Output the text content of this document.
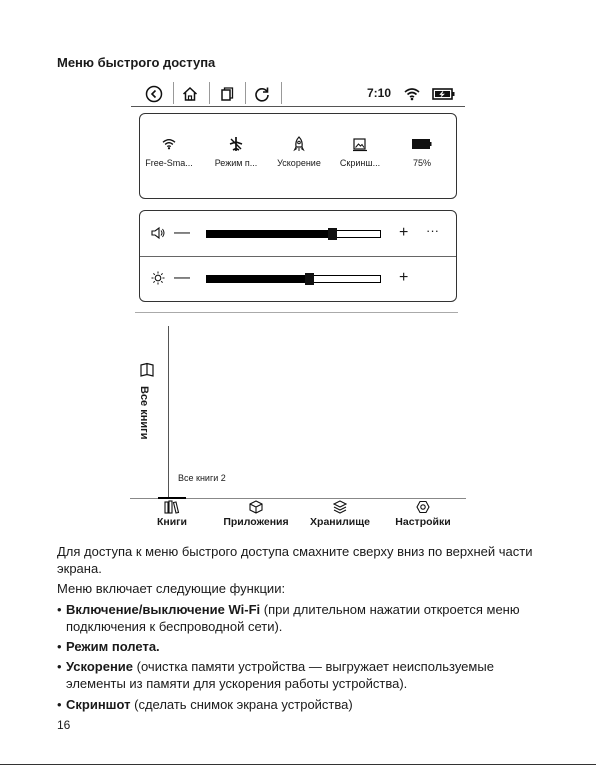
Меню быстрого доступа
7:10
Free-Sma...	Режим п...	Ускорение	Скринш...	75%
—	+ ···
—	+
Все книги
Все книги 2
Книги	Приложения	Хранилище	Настройки
Для доступа к меню быстрого доступа смахните сверху вниз по верхней части экрана.
Меню включает следующие функции:
• Включение/выключение Wi-Fi (при длительном нажатии откроется меню подключения к беспроводной сети).
• Режим полета.
• Ускорение (очистка памяти устройства — выгружает неиспользуемые элементы из памяти для ускорения работы устройства).
• Скриншот (сделать снимок экрана устройства)
16
